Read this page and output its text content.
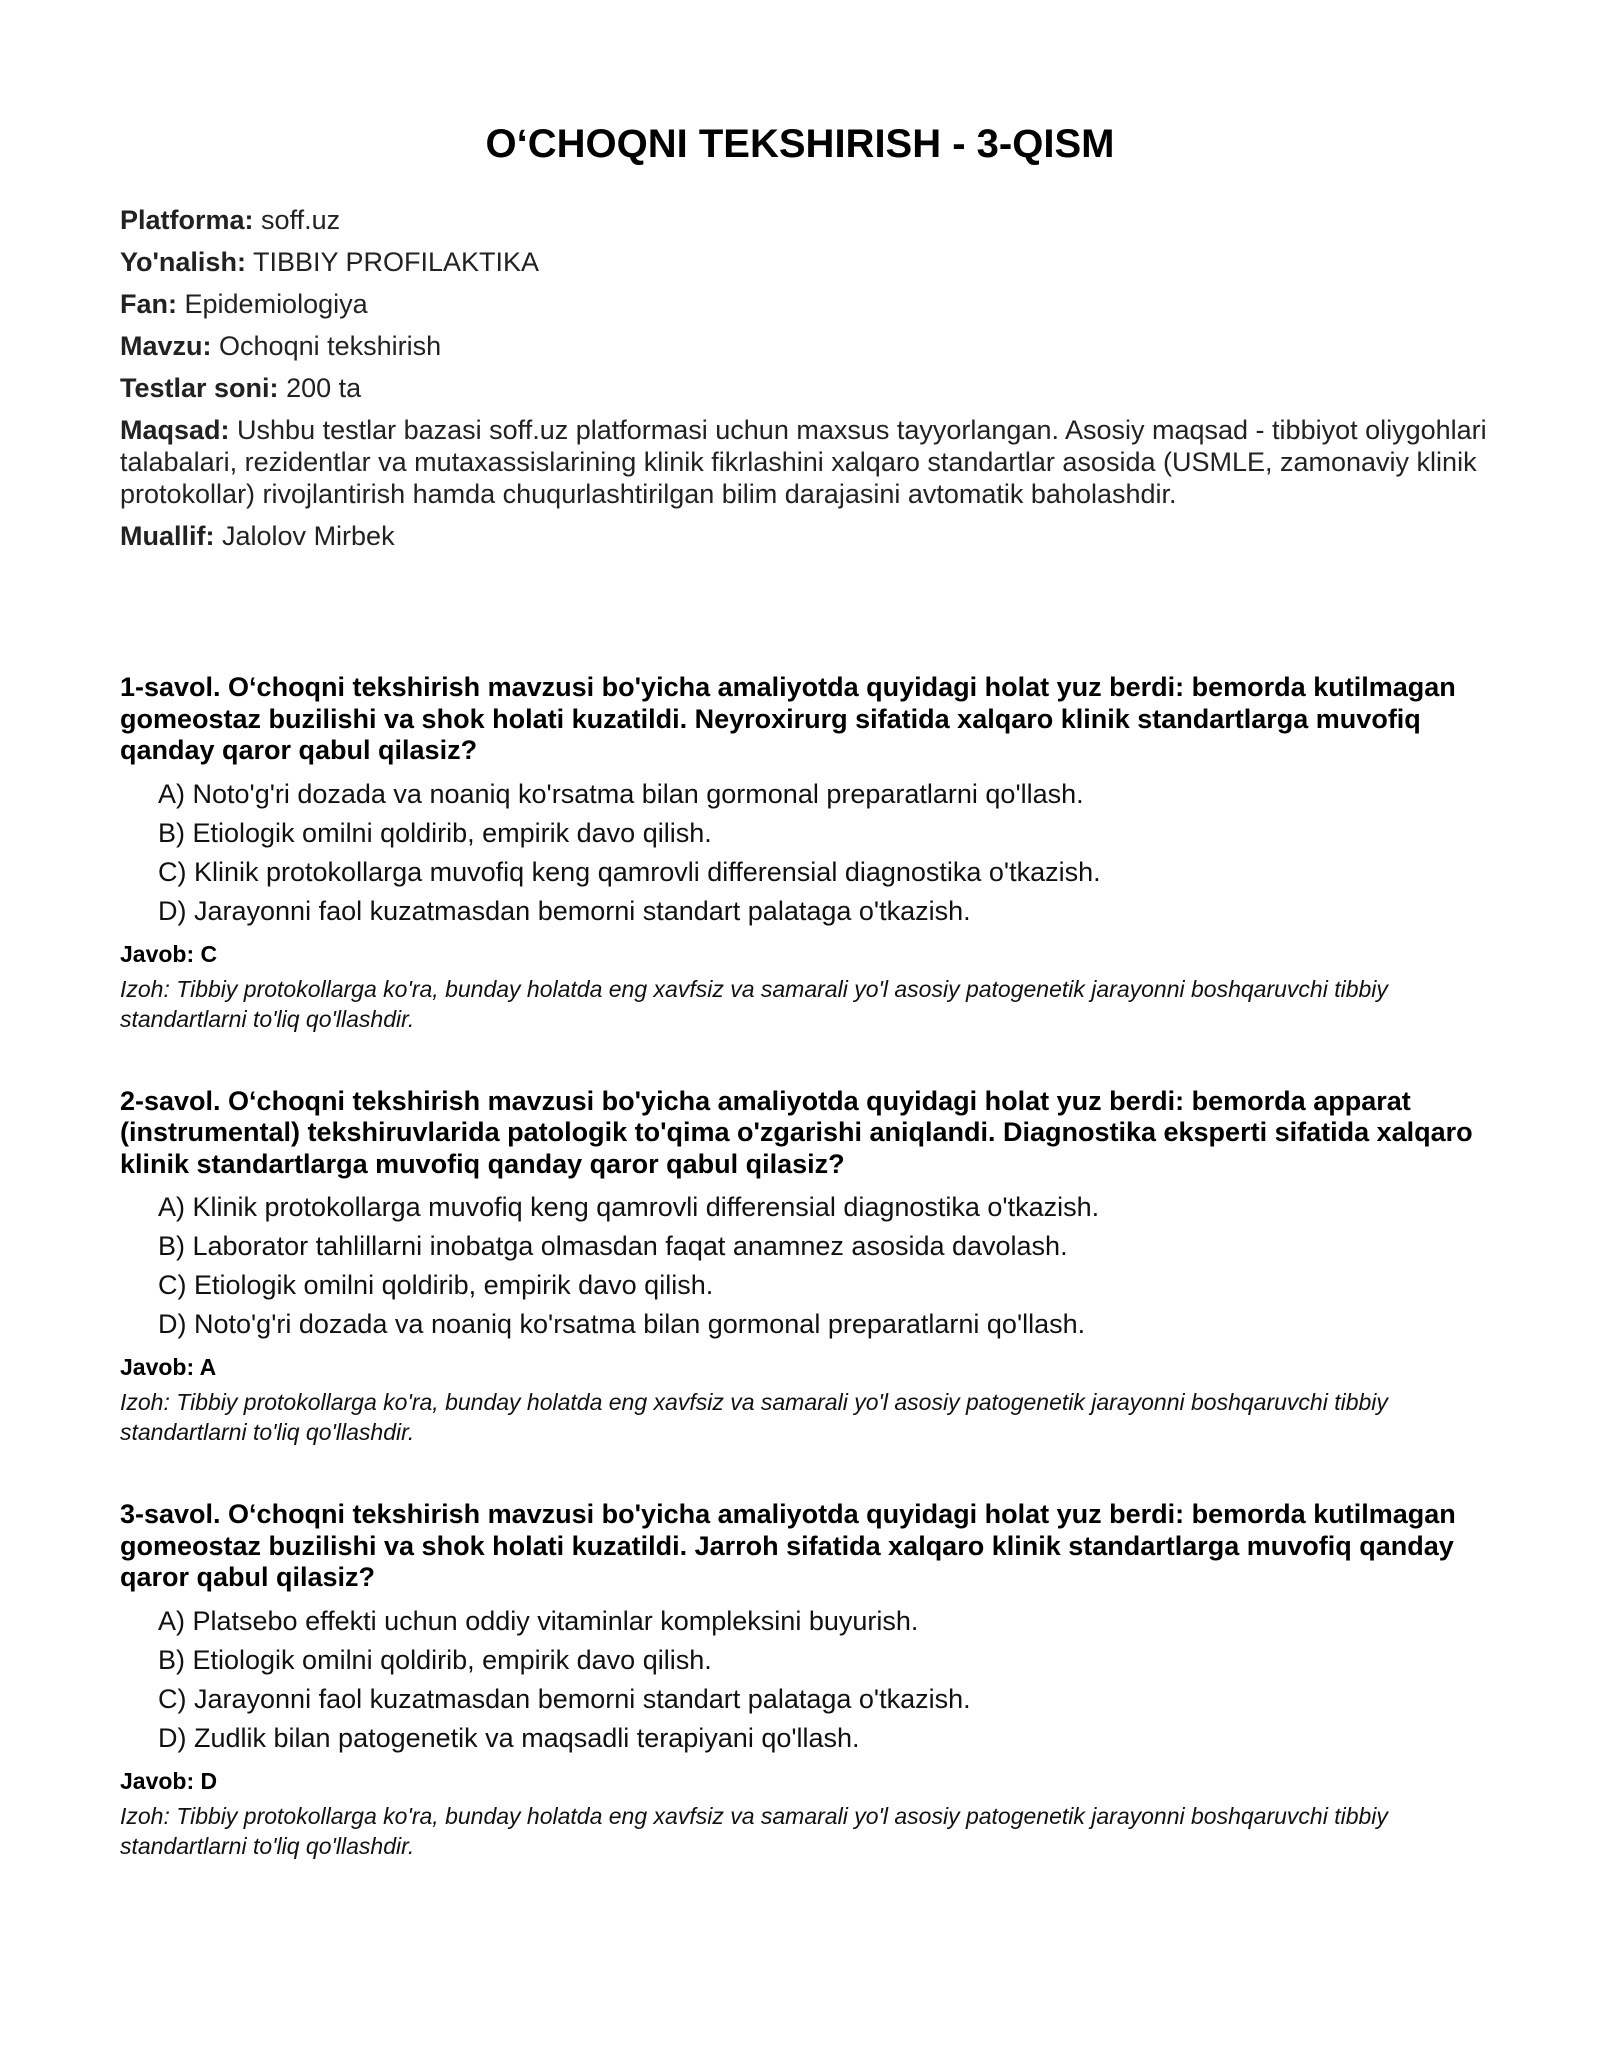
O‘CHOQNI TEKSHIRISH - 3-QISM
Platforma: soff.uz
Yo'nalish: TIBBIY PROFILAKTIKA
Fan: Epidemiologiya
Mavzu: Ochoqni tekshirish
Testlar soni: 200 ta
Maqsad: Ushbu testlar bazasi soff.uz platformasi uchun maxsus tayyorlangan. Asosiy maqsad - tibbiyot oliygohlari talabalari, rezidentlar va mutaxassislarining klinik fikrlashini xalqaro standartlar asosida (USMLE, zamonaviy klinik protokollar) rivojlantirish hamda chuqurlashtirilgan bilim darajasini avtomatik baholashdir.
Muallif: Jalolov Mirbek
1-savol. O‘choqni tekshirish mavzusi bo'yicha amaliyotda quyidagi holat yuz berdi: bemorda kutilmagan gomeostaz buzilishi va shok holati kuzatildi. Neyroxirurg sifatida xalqaro klinik standartlarga muvofiq qanday qaror qabul qilasiz?
A) Noto'g'ri dozada va noaniq ko'rsatma bilan gormonal preparatlarni qo'llash.
B) Etiologik omilni qoldirib, empirik davo qilish.
C) Klinik protokollarga muvofiq keng qamrovli differensial diagnostika o'tkazish.
D) Jarayonni faol kuzatmasdan bemorni standart palataga o'tkazish.
Javob: C
Izoh: Tibbiy protokollarga ko'ra, bunday holatda eng xavfsiz va samarali yo'l asosiy patogenetik jarayonni boshqaruvchi tibbiy standartlarni to'liq qo'llashdir.
2-savol. O‘choqni tekshirish mavzusi bo'yicha amaliyotda quyidagi holat yuz berdi: bemorda apparat (instrumental) tekshiruvlarida patologik to'qima o'zgarishi aniqlandi. Diagnostika eksperti sifatida xalqaro klinik standartlarga muvofiq qanday qaror qabul qilasiz?
A) Klinik protokollarga muvofiq keng qamrovli differensial diagnostika o'tkazish.
B) Laborator tahlillarni inobatga olmasdan faqat anamnez asosida davolash.
C) Etiologik omilni qoldirib, empirik davo qilish.
D) Noto'g'ri dozada va noaniq ko'rsatma bilan gormonal preparatlarni qo'llash.
Javob: A
Izoh: Tibbiy protokollarga ko'ra, bunday holatda eng xavfsiz va samarali yo'l asosiy patogenetik jarayonni boshqaruvchi tibbiy standartlarni to'liq qo'llashdir.
3-savol. O‘choqni tekshirish mavzusi bo'yicha amaliyotda quyidagi holat yuz berdi: bemorda kutilmagan gomeostaz buzilishi va shok holati kuzatildi. Jarroh sifatida xalqaro klinik standartlarga muvofiq qanday qaror qabul qilasiz?
A) Platsebo effekti uchun oddiy vitaminlar kompleksini buyurish.
B) Etiologik omilni qoldirib, empirik davo qilish.
C) Jarayonni faol kuzatmasdan bemorni standart palataga o'tkazish.
D) Zudlik bilan patogenetik va maqsadli terapiyani qo'llash.
Javob: D
Izoh: Tibbiy protokollarga ko'ra, bunday holatda eng xavfsiz va samarali yo'l asosiy patogenetik jarayonni boshqaruvchi tibbiy standartlarni to'liq qo'llashdir.
